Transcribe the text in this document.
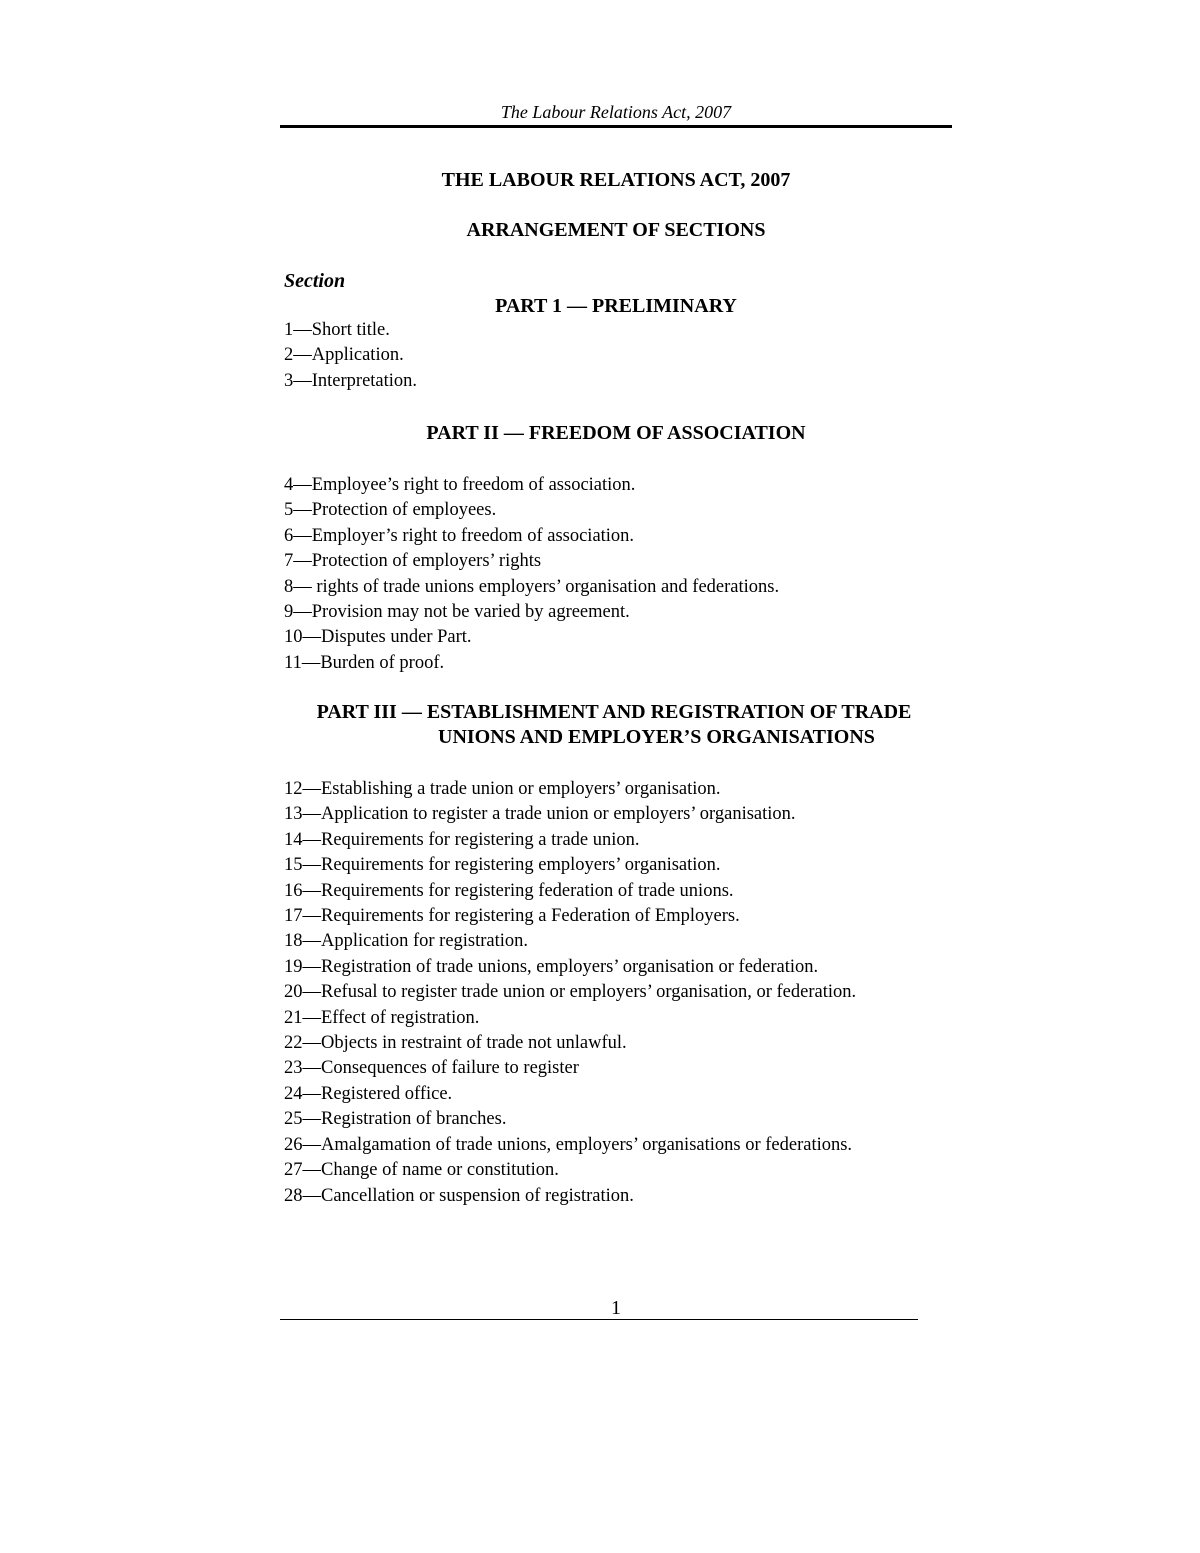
The Labour Relations Act, 2007
THE LABOUR RELATIONS ACT, 2007
ARRANGEMENT OF SECTIONS
Section
PART 1 — PRELIMINARY
1—Short title.
2—Application.
3—Interpretation.
PART II — FREEDOM OF ASSOCIATION
4—Employee’s right to freedom of association.
5—Protection of employees.
6—Employer’s right to freedom of association.
7—Protection of employers’ rights
8— rights of trade unions employers’ organisation and federations.
9—Provision may not be varied by agreement.
10—Disputes under Part.
11—Burden of proof.
PART III — ESTABLISHMENT AND REGISTRATION OF TRADE
UNIONS AND EMPLOYER’S ORGANISATIONS
12—Establishing a trade union or employers’ organisation.
13—Application to register a trade union or employers’ organisation.
14—Requirements for registering a trade union.
15—Requirements for registering employers’ organisation.
16—Requirements for registering federation of trade unions.
17—Requirements for registering a Federation of Employers.
18—Application for registration.
19—Registration of trade unions, employers’ organisation or federation.
20—Refusal to register trade union or employers’ organisation, or federation.
21—Effect of registration.
22—Objects in restraint of trade not unlawful.
23—Consequences of failure to register
24—Registered office.
25—Registration of branches.
26—Amalgamation of trade unions, employers’ organisations or federations.
27—Change of name or constitution.
28—Cancellation or suspension of registration.
1
